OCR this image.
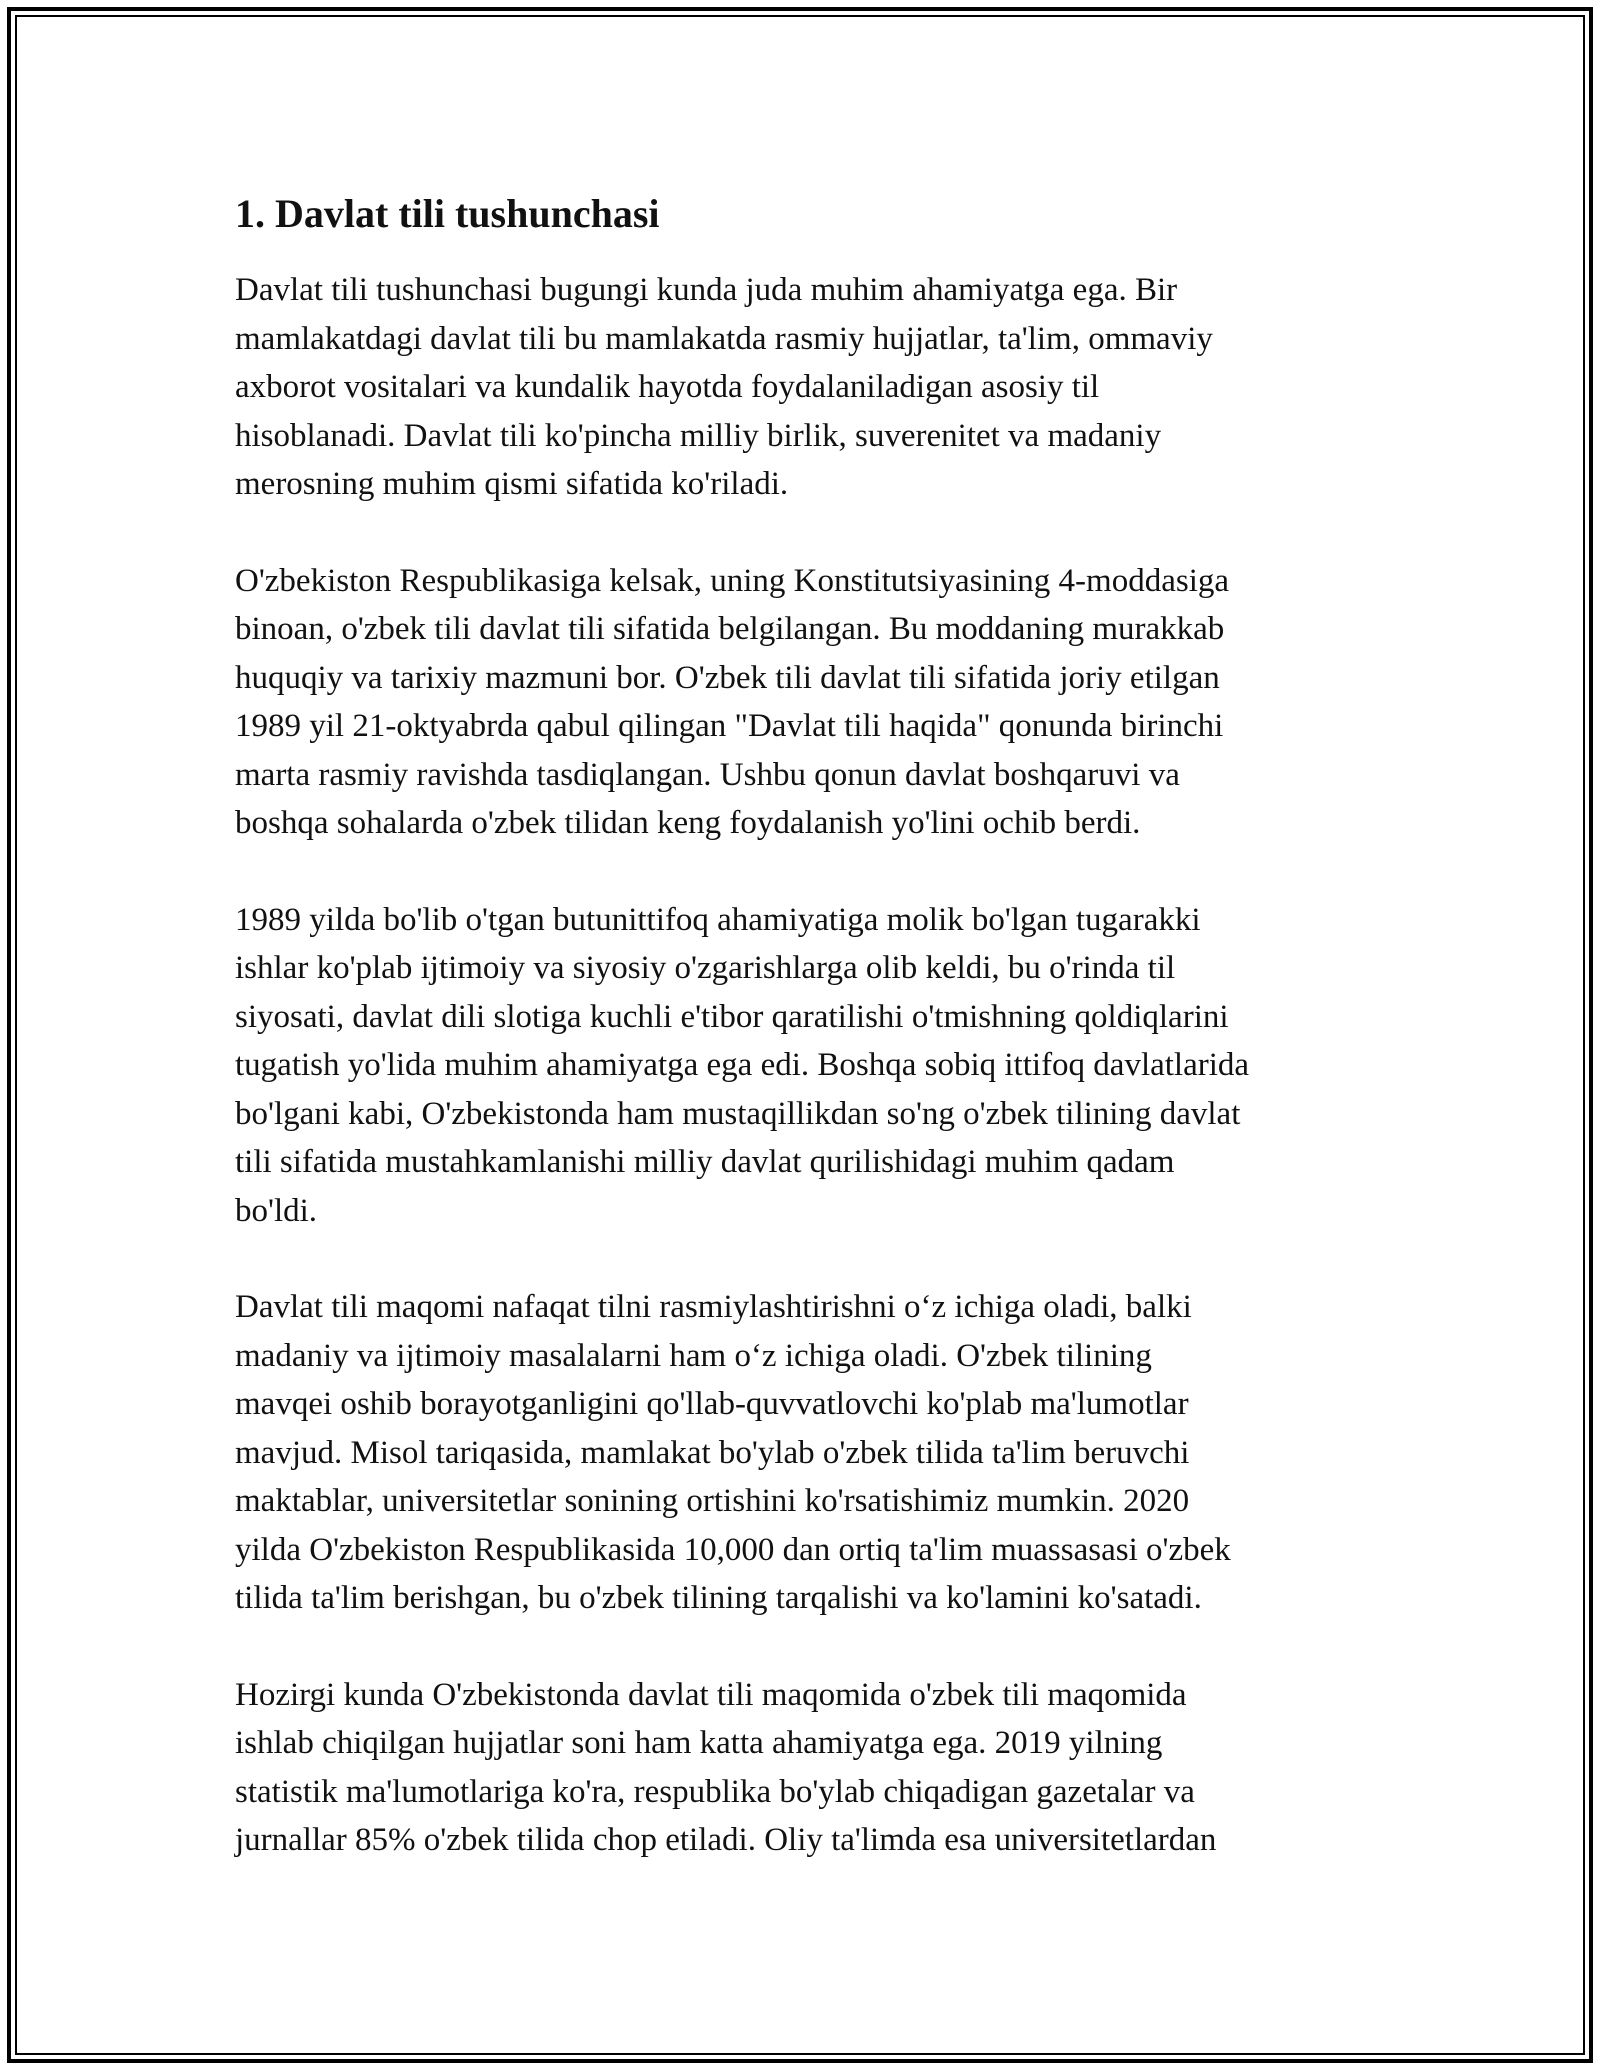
1. Davlat tili tushunchasi

Davlat tili tushunchasi bugungi kunda juda muhim ahamiyatga ega. Bir
mamlakatdagi davlat tili bu mamlakatda rasmiy hujjatlar, ta'lim, ommaviy
axborot vositalari va kundalik hayotda foydalaniladigan asosiy til
hisoblanadi. Davlat tili ko'pincha milliy birlik, suverenitet va madaniy
merosning muhim qismi sifatida ko'riladi.

O'zbekiston Respublikasiga kelsak, uning Konstitutsiyasining 4-moddasiga
binoan, o'zbek tili davlat tili sifatida belgilangan. Bu moddaning murakkab
huquqiy va tarixiy mazmuni bor. O'zbek tili davlat tili sifatida joriy etilgan
1989 yil 21-oktyabrda qabul qilingan "Davlat tili haqida" qonunda birinchi
marta rasmiy ravishda tasdiqlangan. Ushbu qonun davlat boshqaruvi va
boshqa sohalarda o'zbek tilidan keng foydalanish yo'lini ochib berdi.

1989 yilda bo'lib o'tgan butunittifoq ahamiyatiga molik bo'lgan tugarakki
ishlar ko'plab ijtimoiy va siyosiy o'zgarishlarga olib keldi, bu o'rinda til
siyosati, davlat dili slotiga kuchli e'tibor qaratilishi o'tmishning qoldiqlarini
tugatish yo'lida muhim ahamiyatga ega edi. Boshqa sobiq ittifoq davlatlarida
bo'lgani kabi, O'zbekistonda ham mustaqillikdan so'ng o'zbek tilining davlat
tili sifatida mustahkamlanishi milliy davlat qurilishidagi muhim qadam
bo'ldi.

Davlat tili maqomi nafaqat tilni rasmiylashtirishni o‘z ichiga oladi, balki
madaniy va ijtimoiy masalalarni ham o‘z ichiga oladi. O'zbek tilining
mavqei oshib borayotganligini qo'llab-quvvatlovchi ko'plab ma'lumotlar
mavjud. Misol tariqasida, mamlakat bo'ylab o'zbek tilida ta'lim beruvchi
maktablar, universitetlar sonining ortishini ko'rsatishimiz mumkin. 2020
yilda O'zbekiston Respublikasida 10,000 dan ortiq ta'lim muassasasi o'zbek
tilida ta'lim berishgan, bu o'zbek tilining tarqalishi va ko'lamini ko'satadi.

Hozirgi kunda O'zbekistonda davlat tili maqomida o'zbek tili maqomida
ishlab chiqilgan hujjatlar soni ham katta ahamiyatga ega. 2019 yilning
statistik ma'lumotlariga ko'ra, respublika bo'ylab chiqadigan gazetalar va
jurnallar 85% o'zbek tilida chop etiladi. Oliy ta'limda esa universitetlardan
